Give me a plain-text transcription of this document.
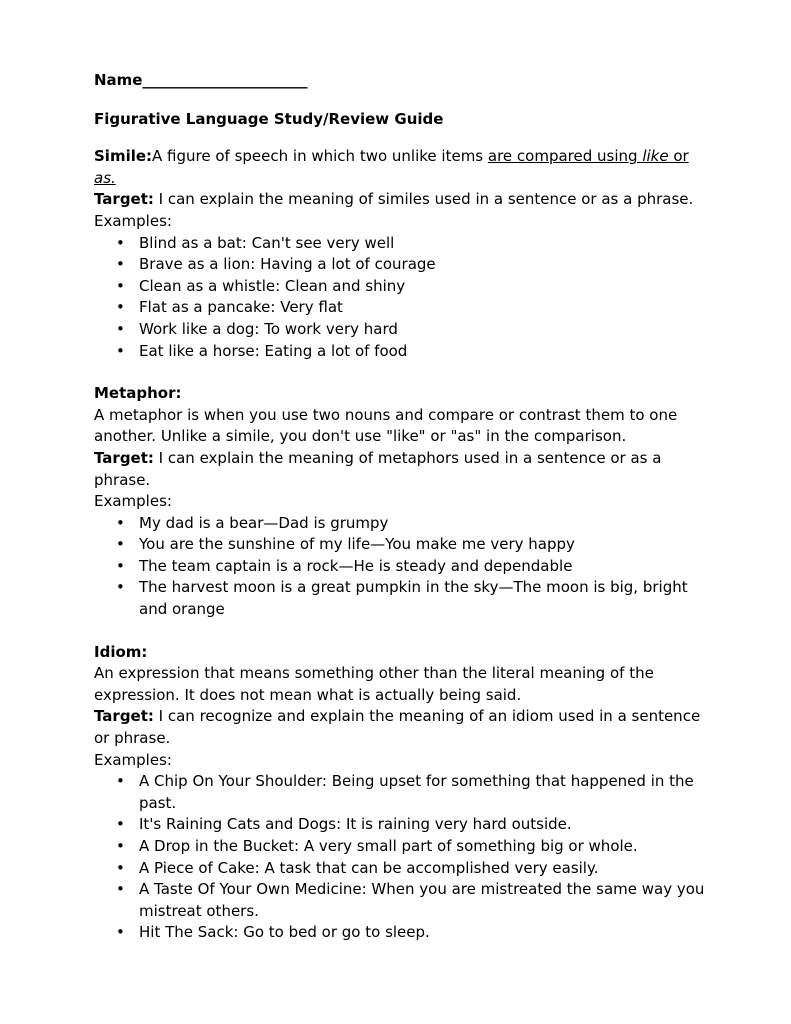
Name______________________

Figurative Language Study/Review Guide

Simile:A figure of speech in which two unlike items are compared using like or as.

Target: I can explain the meaning of similes used in a sentence or as a phrase.

Examples:

• Blind as a bat: Can't see very well
• Brave as a lion: Having a lot of courage
• Clean as a whistle: Clean and shiny
• Flat as a pancake: Very flat
• Work like a dog: To work very hard
• Eat like a horse: Eating a lot of food

Metaphor:

A metaphor is when you use two nouns and compare or contrast them to one another. Unlike a simile, you don't use "like" or "as" in the comparison.

Target: I can explain the meaning of metaphors used in a sentence or as a phrase.

Examples:

• My dad is a bear—Dad is grumpy
• You are the sunshine of my life—You make me very happy
• The team captain is a rock—He is steady and dependable
• The harvest moon is a great pumpkin in the sky—The moon is big, bright and orange

Idiom:

An expression that means something other than the literal meaning of the expression. It does not mean what is actually being said.

Target: I can recognize and explain the meaning of an idiom used in a sentence or phrase.

Examples:

• A Chip On Your Shoulder: Being upset for something that happened in the past.
• It's Raining Cats and Dogs: It is raining very hard outside.
• A Drop in the Bucket: A very small part of something big or whole.
• A Piece of Cake: A task that can be accomplished very easily.
• A Taste Of Your Own Medicine: When you are mistreated the same way you mistreat others.
• Hit The Sack: Go to bed or go to sleep.
